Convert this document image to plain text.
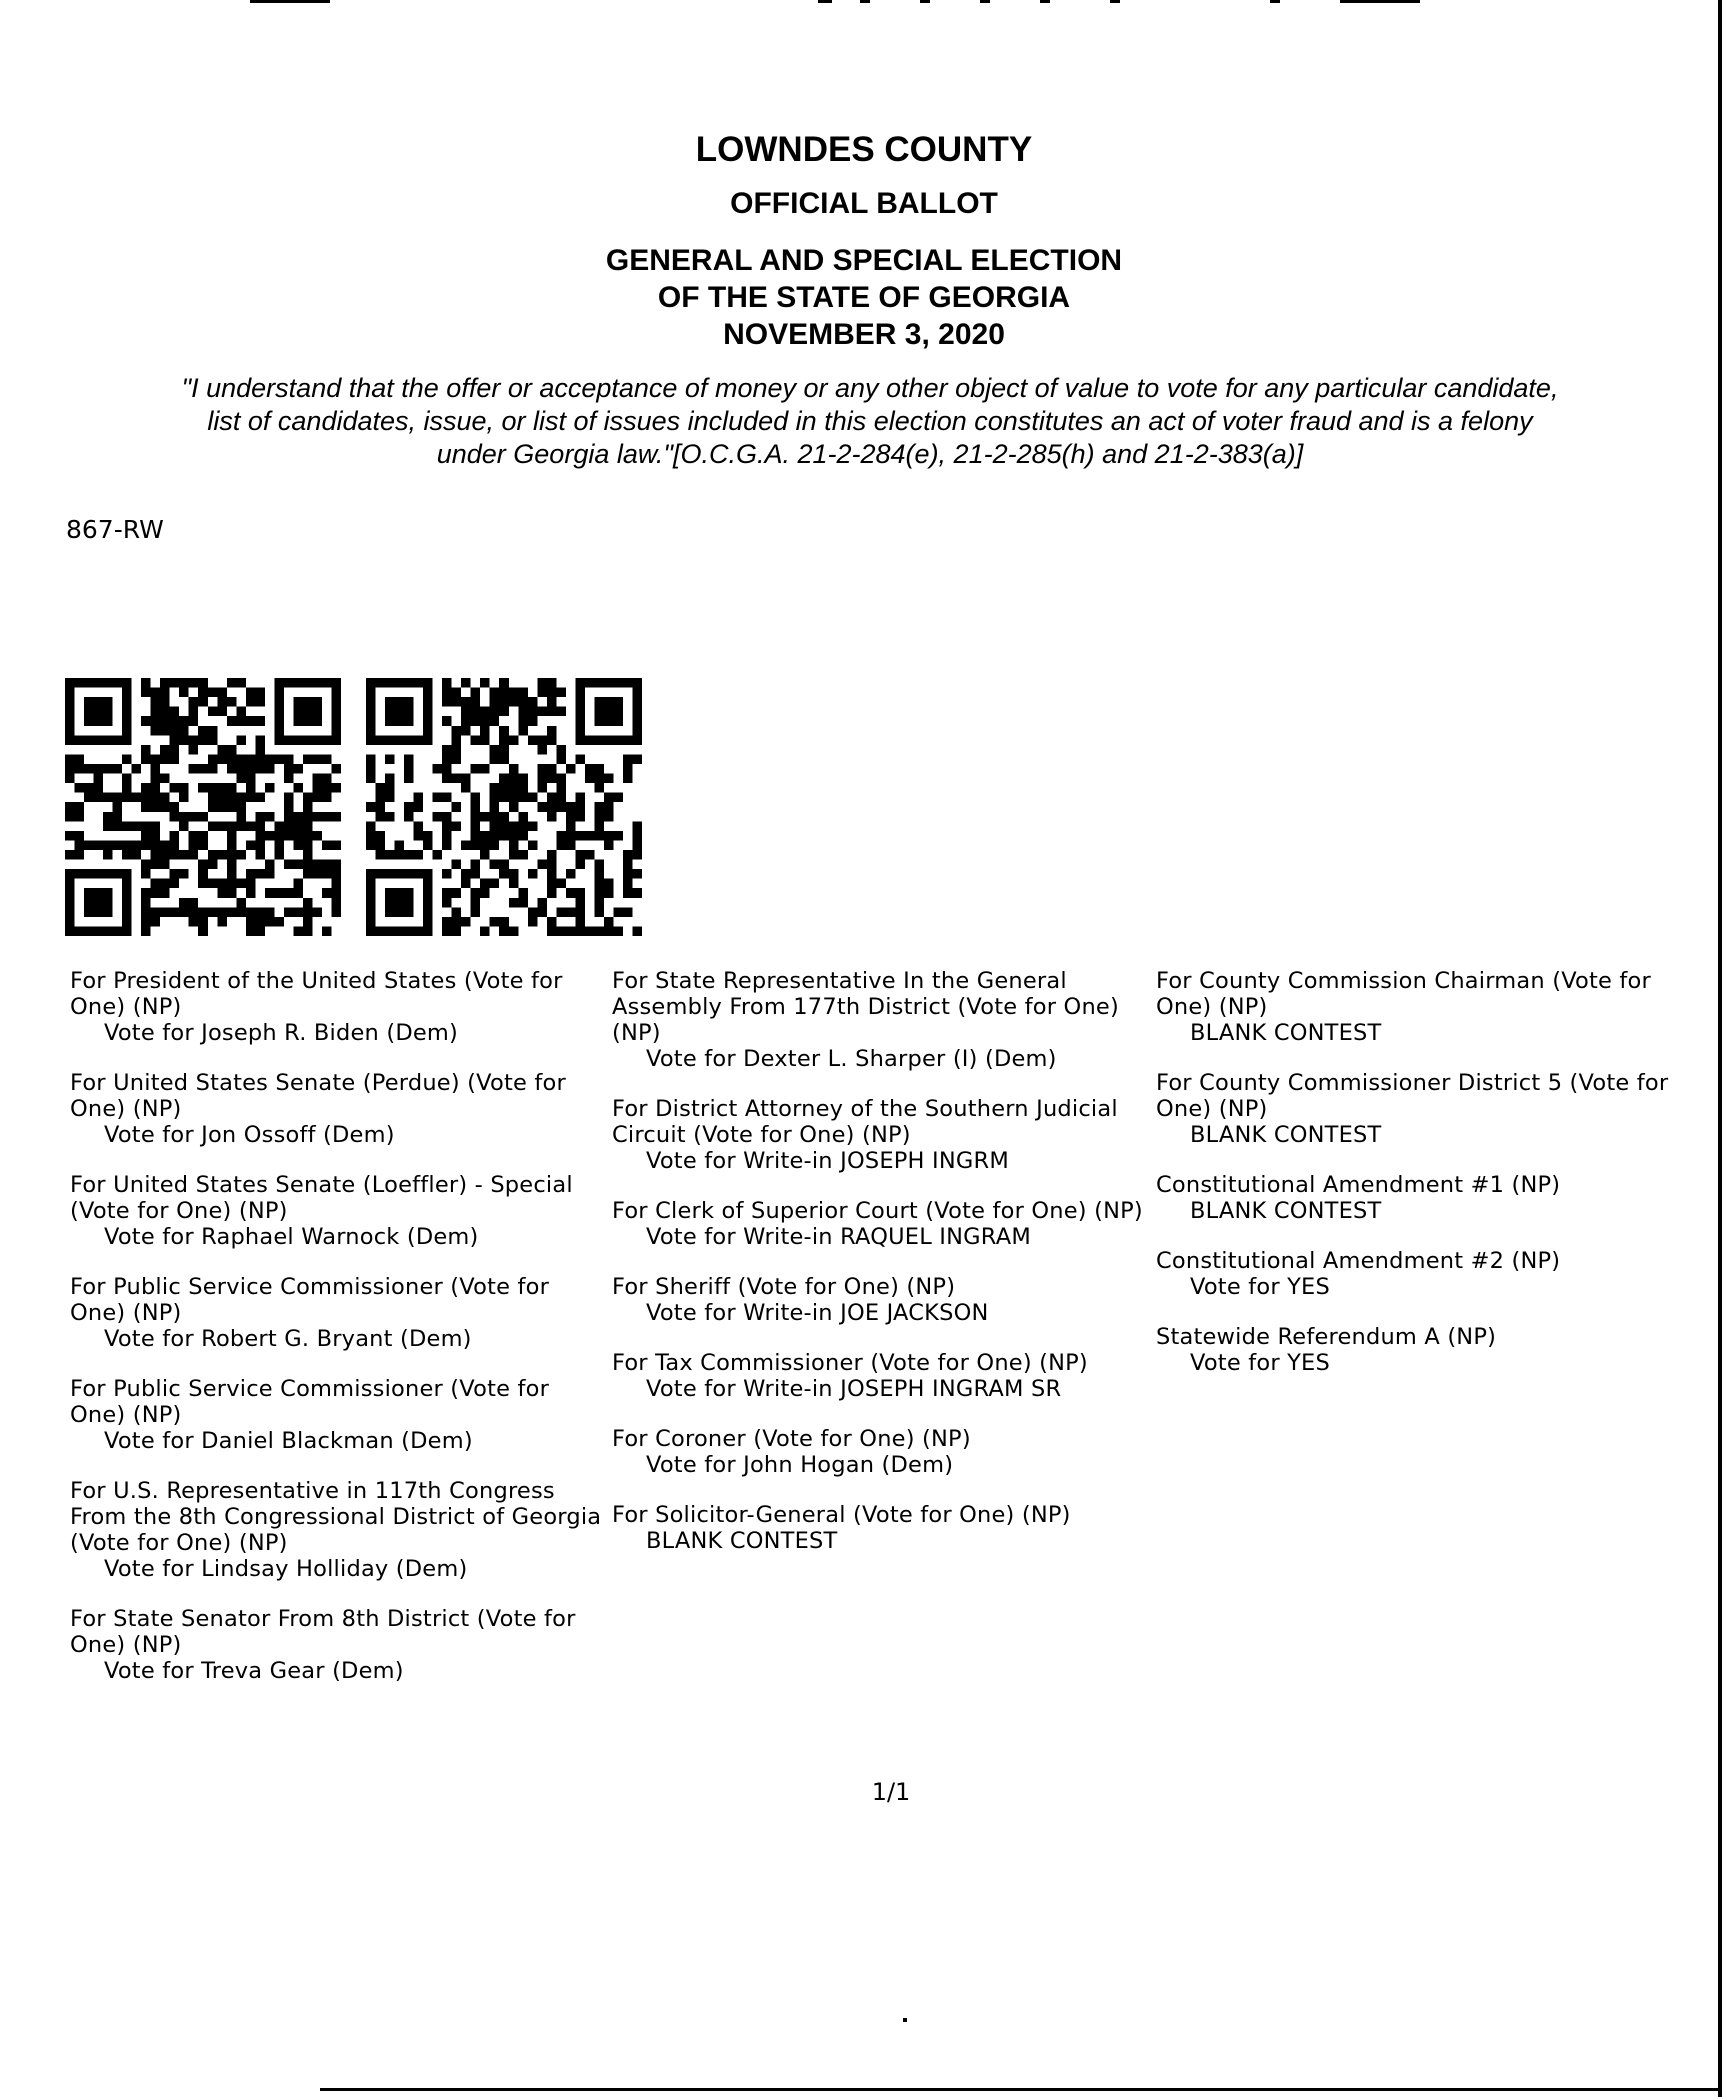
LOWNDES COUNTY
OFFICIAL BALLOT
GENERAL AND SPECIAL ELECTION
OF THE STATE OF GEORGIA
NOVEMBER 3, 2020
"I understand that the offer or acceptance of money or any other object of value to vote for any particular candidate,
list of candidates, issue, or list of issues included in this election constitutes an act of voter fraud and is a felony
under Georgia law."[O.C.G.A. 21-2-284(e), 21-2-285(h) and 21-2-383(a)]
867-RW
For President of the United States (Vote for One) (NP)
Vote for Joseph R. Biden (Dem)
For United States Senate (Perdue) (Vote for One) (NP)
Vote for Jon Ossoff (Dem)
For United States Senate (Loeffler) - Special (Vote for One) (NP)
Vote for Raphael Warnock (Dem)
For Public Service Commissioner (Vote for One) (NP)
Vote for Robert G. Bryant (Dem)
For Public Service Commissioner (Vote for One) (NP)
Vote for Daniel Blackman (Dem)
For U.S. Representative in 117th Congress From the 8th Congressional District of Georgia (Vote for One) (NP)
Vote for Lindsay Holliday (Dem)
For State Senator From 8th District (Vote for One) (NP)
Vote for Treva Gear (Dem)
For State Representative In the General Assembly From 177th District (Vote for One) (NP)
Vote for Dexter L. Sharper (I) (Dem)
For District Attorney of the Southern Judicial Circuit (Vote for One) (NP)
Vote for Write-in JOSEPH INGRM
For Clerk of Superior Court (Vote for One) (NP)
Vote for Write-in RAQUEL INGRAM
For Sheriff (Vote for One) (NP)
Vote for Write-in JOE JACKSON
For Tax Commissioner (Vote for One) (NP)
Vote for Write-in JOSEPH INGRAM SR
For Coroner (Vote for One) (NP)
Vote for John Hogan (Dem)
For Solicitor-General (Vote for One) (NP)
BLANK CONTEST
For County Commission Chairman (Vote for One) (NP)
BLANK CONTEST
For County Commissioner District 5 (Vote for One) (NP)
BLANK CONTEST
Constitutional Amendment #1 (NP)
BLANK CONTEST
Constitutional Amendment #2 (NP)
Vote for YES
Statewide Referendum A (NP)
Vote for YES
1/1
